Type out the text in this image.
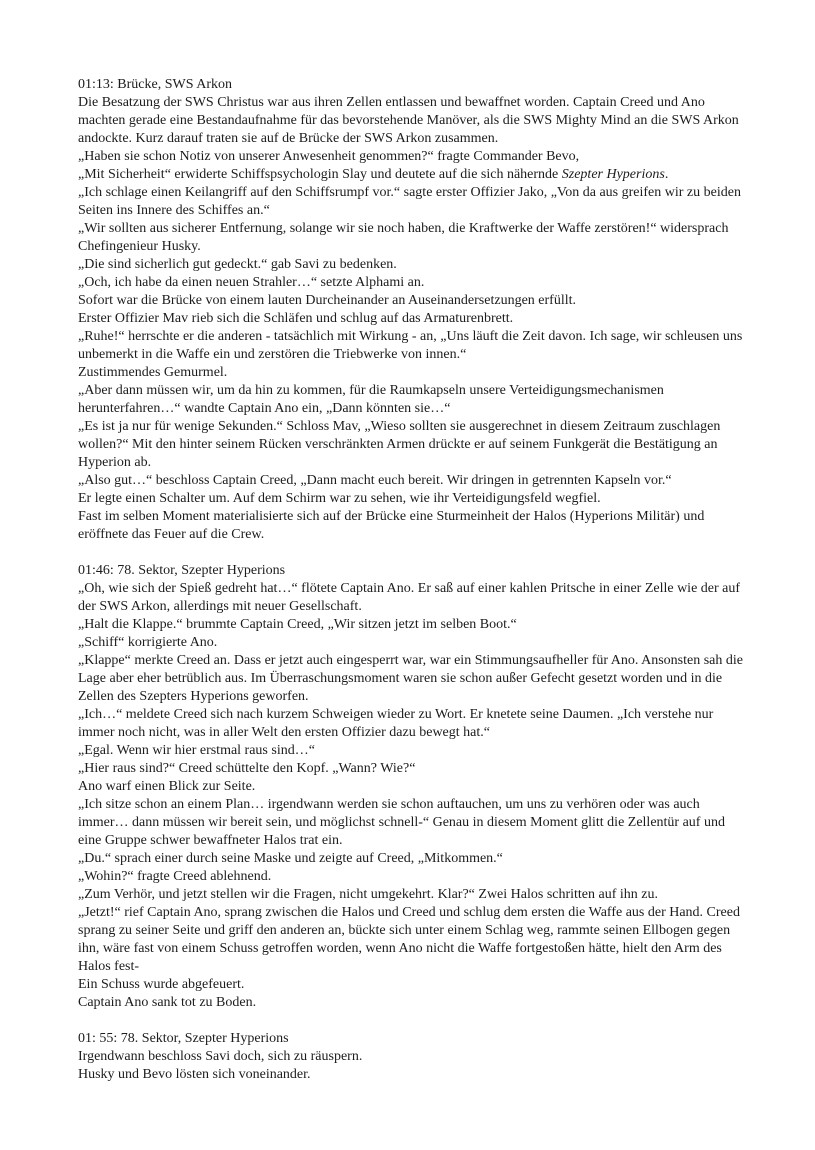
01:13: Brücke, SWS Arkon

Die Besatzung der SWS Christus war aus ihren Zellen entlassen und bewaffnet worden. Captain Creed und Ano machten gerade eine Bestandaufnahme für das bevorstehende Manöver, als die SWS Mighty Mind an die SWS Arkon andockte. Kurz darauf traten sie auf de Brücke der SWS Arkon zusammen.

„Haben sie schon Notiz von unserer Anwesenheit genommen?“ fragte Commander Bevo,

„Mit Sicherheit“ erwiderte Schiffspsychologin Slay und deutete auf die sich nähernde Szepter Hyperions.

„Ich schlage einen Keilangriff auf den Schiffsrumpf vor.“ sagte erster Offizier Jako, „Von da aus greifen wir zu beiden Seiten ins Innere des Schiffes an.“

„Wir sollten aus sicherer Entfernung, solange wir sie noch haben, die Kraftwerke der Waffe zerstören!“ widersprach Chefingenieur Husky.

„Die sind sicherlich gut gedeckt.“ gab Savi zu bedenken.

„Och, ich habe da einen neuen Strahler…“ setzte Alphami an.

Sofort war die Brücke von einem lauten Durcheinander an Auseinandersetzungen erfüllt.

Erster Offizier Mav rieb sich die Schläfen und schlug auf das Armaturenbrett.

„Ruhe!“ herrschte er die anderen - tatsächlich mit Wirkung - an, „Uns läuft die Zeit davon. Ich sage, wir schleusen uns unbemerkt in die Waffe ein und zerstören die Triebwerke von innen.“

Zustimmendes Gemurmel.

„Aber dann müssen wir, um da hin zu kommen, für die Raumkapseln unsere Verteidigungsmechanismen herunterfahren…“ wandte Captain Ano ein, „Dann könnten sie…“

„Es ist ja nur für wenige Sekunden.“ Schloss Mav, „Wieso sollten sie ausgerechnet in diesem Zeitraum zuschlagen wollen?“ Mit den hinter seinem Rücken verschränkten Armen drückte er auf seinem Funkgerät die Bestätigung an Hyperion ab.

„Also gut…“ beschloss Captain Creed, „Dann macht euch bereit. Wir dringen in getrennten Kapseln vor.“

Er legte einen Schalter um. Auf dem Schirm war zu sehen, wie ihr Verteidigungsfeld wegfiel.

Fast im selben Moment materialisierte sich auf der Brücke eine Sturmeinheit der Halos (Hyperions Militär) und eröffnete das Feuer auf die Crew.

01:46: 78. Sektor, Szepter Hyperions

„Oh, wie sich der Spieß gedreht hat…“ flötete Captain Ano. Er saß auf einer kahlen Pritsche in einer Zelle wie der auf der SWS Arkon, allerdings mit neuer Gesellschaft.

„Halt die Klappe.“ brummte Captain Creed, „Wir sitzen jetzt im selben Boot.“

„Schiff“ korrigierte Ano.

„Klappe“ merkte Creed an. Dass er jetzt auch eingesperrt war, war ein Stimmungsaufheller für Ano. Ansonsten sah die Lage aber eher betrüblich aus. Im Überraschungsmoment waren sie schon außer Gefecht gesetzt worden und in die Zellen des Szepters Hyperions geworfen.

„Ich…“ meldete Creed sich nach kurzem Schweigen wieder zu Wort. Er knetete seine Daumen. „Ich verstehe nur immer noch nicht, was in aller Welt den ersten Offizier dazu bewegt hat.“

„Egal. Wenn wir hier erstmal raus sind…“

„Hier raus sind?“ Creed schüttelte den Kopf. „Wann? Wie?“

Ano warf einen Blick zur Seite.

„Ich sitze schon an einem Plan… irgendwann werden sie schon auftauchen, um uns zu verhören oder was auch immer… dann müssen wir bereit sein, und möglichst schnell-“ Genau in diesem Moment glitt die Zellentür auf und eine Gruppe schwer bewaffneter Halos trat ein.

„Du.“ sprach einer durch seine Maske und zeigte auf Creed, „Mitkommen.“

„Wohin?“ fragte Creed ablehnend.

„Zum Verhör, und jetzt stellen wir die Fragen, nicht umgekehrt. Klar?“ Zwei Halos schritten auf ihn zu.

„Jetzt!“ rief Captain Ano, sprang zwischen die Halos und Creed und schlug dem ersten die Waffe aus der Hand. Creed sprang zu seiner Seite und griff den anderen an, bückte sich unter einem Schlag weg, rammte seinen Ellbogen gegen ihn, wäre fast von einem Schuss getroffen worden, wenn Ano nicht die Waffe fortgestoßen hätte, hielt den Arm des Halos fest-

Ein Schuss wurde abgefeuert.

Captain Ano sank tot zu Boden.

01: 55: 78. Sektor, Szepter Hyperions

Irgendwann beschloss Savi doch, sich zu räuspern.

Husky und Bevo lösten sich voneinander.
